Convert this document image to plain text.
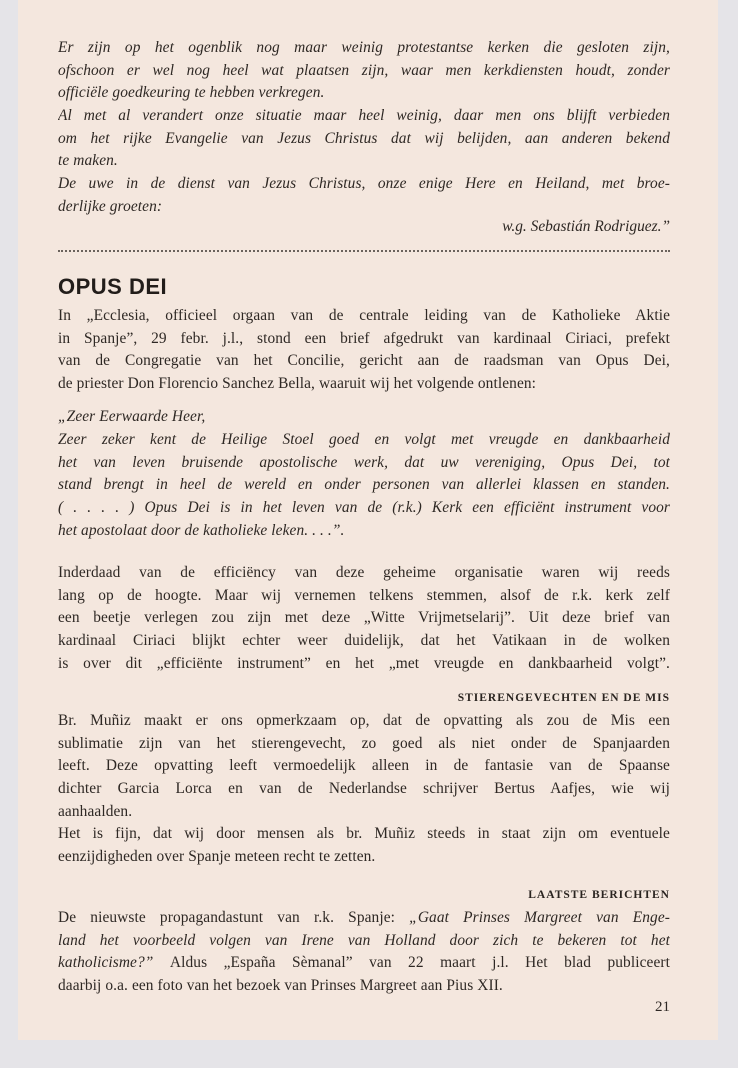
Er zijn op het ogenblik nog maar weinig protestantse kerken die gesloten zijn,
ofschoon er wel nog heel wat plaatsen zijn, waar men kerkdiensten houdt, zonder
officiële goedkeuring te hebben verkregen.
Al met al verandert onze situatie maar heel weinig, daar men ons blijft verbieden
om het rijke Evangelie van Jezus Christus dat wij belijden, aan anderen bekend
te maken.
De uwe in de dienst van Jezus Christus, onze enige Here en Heiland, met broe-
derlijke groeten:
w.g. Sebastián Rodriguez.”
OPUS DEI
In „Ecclesia, officieel orgaan van de centrale leiding van de Katholieke Aktie
in Spanje”, 29 febr. j.l., stond een brief afgedrukt van kardinaal Ciriaci, prefekt
van de Congregatie van het Concilie, gericht aan de raadsman van Opus Dei,
de priester Don Florencio Sanchez Bella, waaruit wij het volgende ontlenen:
„Zeer Eerwaarde Heer,
Zeer zeker kent de Heilige Stoel goed en volgt met vreugde en dankbaarheid
het van leven bruisende apostolische werk, dat uw vereniging, Opus Dei, tot
stand brengt in heel de wereld en onder personen van allerlei klassen en standen.
( . . . . ) Opus Dei is in het leven van de (r.k.) Kerk een efficiënt instrument voor
het apostolaat door de katholieke leken. . . .”.
Inderdaad van de efficiëncy van deze geheime organisatie waren wij reeds
lang op de hoogte. Maar wij vernemen telkens stemmen, alsof de r.k. kerk zelf
een beetje verlegen zou zijn met deze „Witte Vrijmetselarij”. Uit deze brief van
kardinaal Ciriaci blijkt echter weer duidelijk, dat het Vatikaan in de wolken
is over dit „efficiënte instrument” en het „met vreugde en dankbaarheid volgt”.
STIERENGEVECHTEN EN DE MIS
Br. Muñiz maakt er ons opmerkzaam op, dat de opvatting als zou de Mis een
sublimatie zijn van het stierengevecht, zo goed als niet onder de Spanjaarden
leeft. Deze opvatting leeft vermoedelijk alleen in de fantasie van de Spaanse
dichter Garcia Lorca en van de Nederlandse schrijver Bertus Aafjes, wie wij
aanhaalden.
Het is fijn, dat wij door mensen als br. Muñiz steeds in staat zijn om eventuele
eenzijdigheden over Spanje meteen recht te zetten.
LAATSTE BERICHTEN
De nieuwste propagandastunt van r.k. Spanje: „Gaat Prinses Margreet van Enge-
land het voorbeeld volgen van Irene van Holland door zich te bekeren tot het
katholicisme?” Aldus „España Sèmanal” van 22 maart j.l. Het blad publiceert
daarbij o.a. een foto van het bezoek van Prinses Margreet aan Pius XII.
21
